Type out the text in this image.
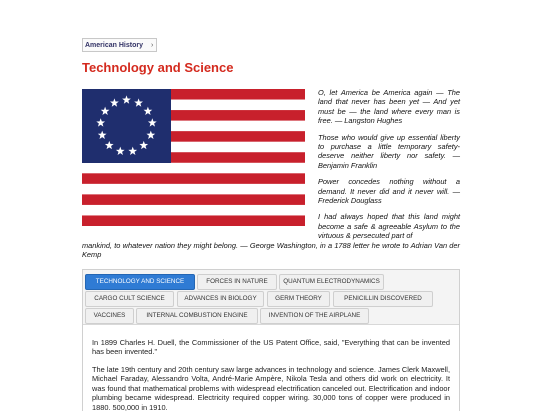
American History ›
Technology and Science

O, let America be America again — The land that never has been yet — And yet must be — the land where every man is free. — Langston Hughes

Those who would give up essential liberty to purchase a little temporary safety-deserve neither liberty nor safety. — Benjamin Franklin

Power concedes nothing without a demand. It never did and it never will. — Frederick Douglass

I had always hoped that this land might become a safe & agreeable Asylum to the virtuous & persecuted part of

mankind, to whatever nation they might belong. — George Washington, in a 1788 letter he wrote to Adrian Van der Kemp

TECHNOLOGY AND SCIENCE	FORCES IN NATURE	QUANTUM ELECTRODYNAMICS
CARGO CULT SCIENCE	ADVANCES IN BIOLOGY	GERM THEORY	PENICILLIN DISCOVERED
VACCINES	INTERNAL COMBUSTION ENGINE	INVENTION OF THE AIRPLANE

In 1899 Charles H. Duell, the Commissioner of the US Patent Office, said, "Everything that can be invented has been invented."

The late 19th century and 20th century saw large advances in technology and science. James Clerk Maxwell, Michael Faraday, Alessandro Volta, André-Marie Ampère, Nikola Tesla and others did work on electricity. It was found that mathematical problems with widespread electrification canceled out. Electrification and indoor plumbing became widespread. Electricity required copper wiring. 30,000 tons of copper were produced in 1880. 500,000 in 1910.
